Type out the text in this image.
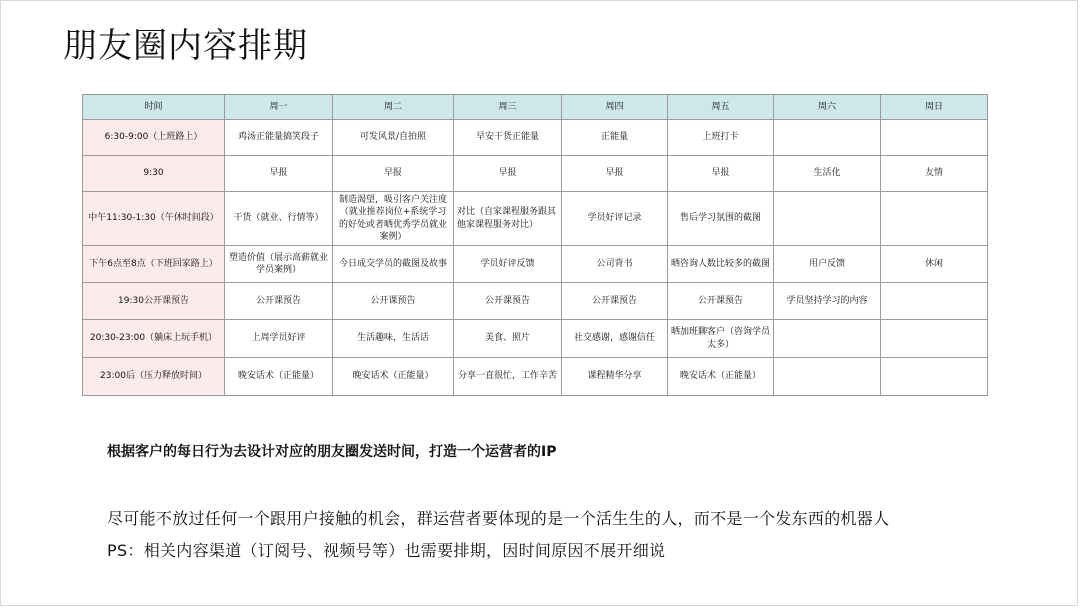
朋友圈内容排期
时间	周一	周二	周三	周四	周五	周六	周日
6:30-9:00（上班路上）	鸡汤正能量搞笑段子	可发风景/自拍照	早安干货正能量	正能量	上班打卡		
9:30	早报	早报	早报	早报	早报	生活化	友情
中午11:30-1:30（午休时间段）	干货（就业、行情等）	制造渴望，吸引客户关注度（就业推荐岗位+系统学习的好处或者晒优秀学员就业案例）	对比（自家课程服务跟其他家课程服务对比）	学员好评记录	售后学习氛围的截图		
下午6点至8点（下班回家路上）	塑造价值（展示高薪就业学员案例）	今日成交学员的截图及故事	学员好评反馈	公司背书	晒咨询人数比较多的截图	用户反馈	休闲
19:30公开课预告	公开课预告	公开课预告	公开课预告	公开课预告	公开课预告	学员坚持学习的内容	
20:30-23:00（躺床上玩手机）	上周学员好评	生活趣味，生活话	美食、照片	社交感谢，感谢信任	晒加班聊客户（咨询学员太多）		
23:00后（压力释放时间）	晚安话术（正能量）	晚安话术（正能量）	分享一直很忙，工作辛苦	课程精华分享	晚安话术（正能量）		

根据客户的每日行为去设计对应的朋友圈发送时间，打造一个运营者的IP

尽可能不放过任何一个跟用户接触的机会，群运营者要体现的是一个活生生的人，而不是一个发东西的机器人

PS：相关内容渠道（订阅号、视频号等）也需要排期，因时间原因不展开细说
